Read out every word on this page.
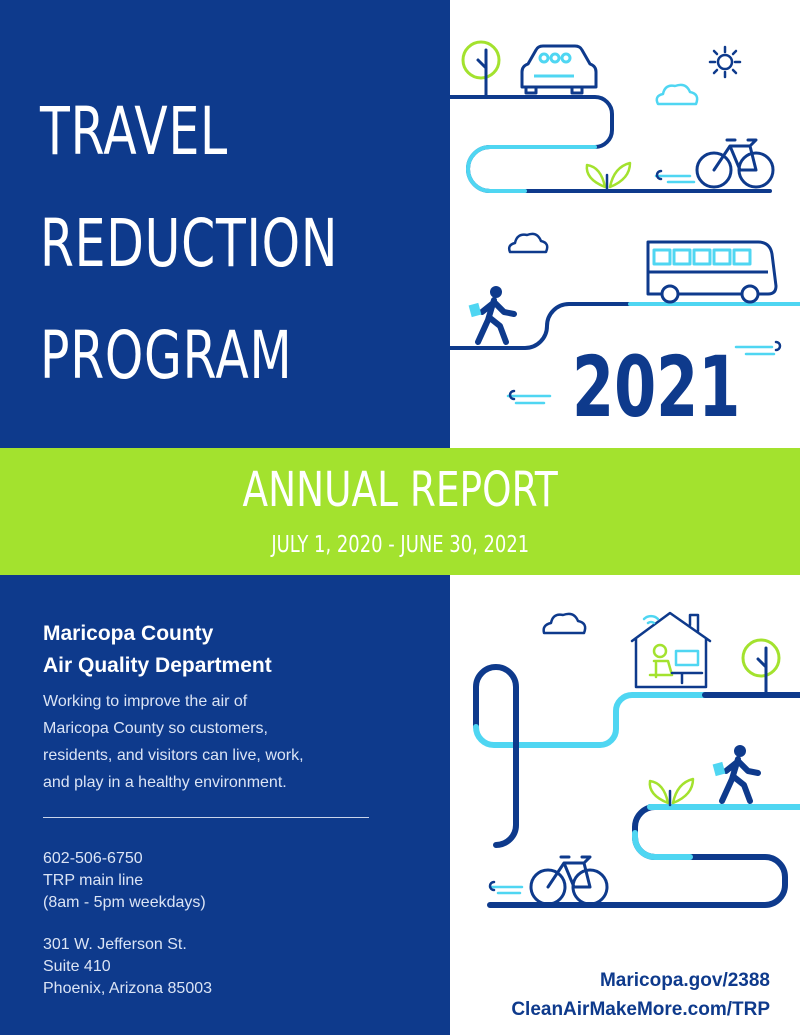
TRAVEL
REDUCTION
PROGRAM	2021
ANNUAL REPORT
JULY 1, 2020 - JUNE 30, 2021
Maricopa County
Air Quality Department
Working to improve the air of
Maricopa County so customers,
residents, and visitors can live, work,
and play in a healthy environment.
602-506-6750
TRP main line
(8am - 5pm weekdays)
301 W. Jefferson St.
Suite 410
Phoenix, Arizona 85003	Maricopa.gov/2388
CleanAirMakeMore.com/TRP
